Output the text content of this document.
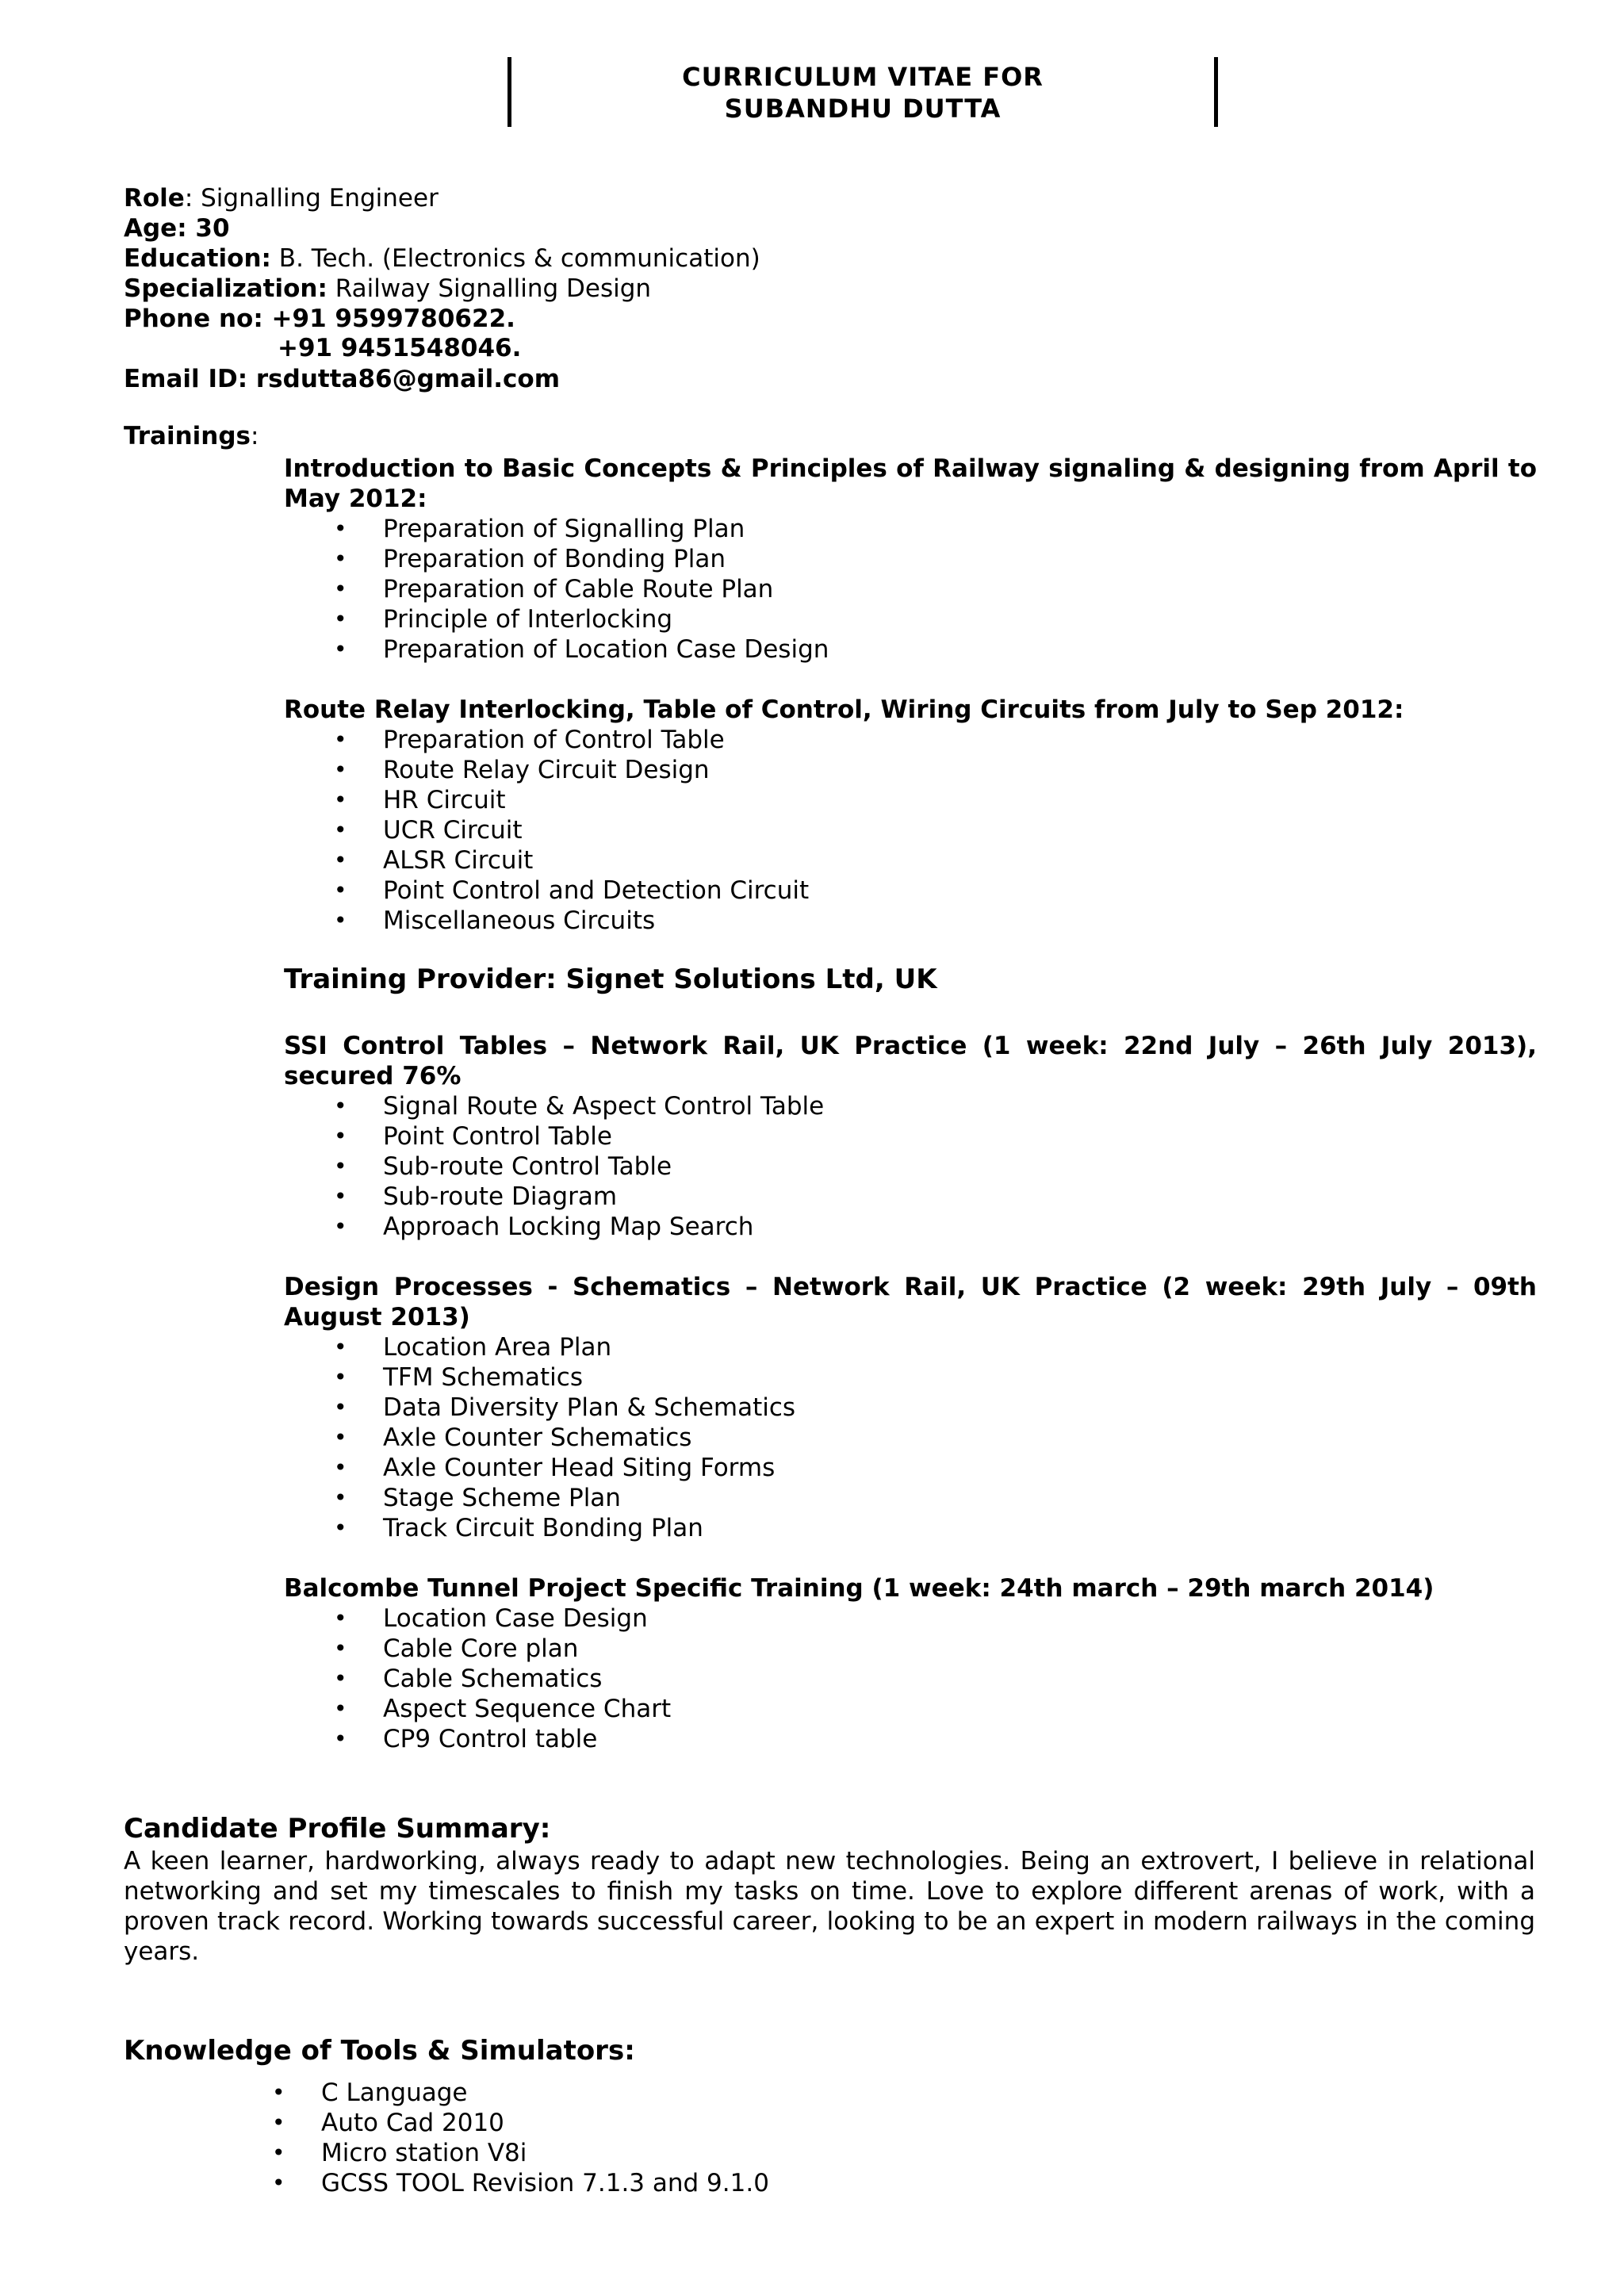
CURRICULUM VITAE FOR
SUBANDHU DUTTA
Role: Signalling Engineer
Age: 30
Education: B. Tech. (Electronics & communication)
Specialization: Railway Signalling Design
Phone no: +91 9599780622.
+91 9451548046.
Email ID: rsdutta86@gmail.com
Trainings:
Introduction to Basic Concepts & Principles of Railway signaling & designing from April to May 2012:
• Preparation of Signalling Plan
• Preparation of Bonding Plan
• Preparation of Cable Route Plan
• Principle of Interlocking
• Preparation of Location Case Design
Route Relay Interlocking, Table of Control, Wiring Circuits from July to Sep 2012:
• Preparation of Control Table
• Route Relay Circuit Design
• HR Circuit
• UCR Circuit
• ALSR Circuit
• Point Control and Detection Circuit
• Miscellaneous Circuits
Training Provider: Signet Solutions Ltd, UK
SSI Control Tables – Network Rail, UK Practice (1 week: 22nd July – 26th July 2013), secured 76%
• Signal Route & Aspect Control Table
• Point Control Table
• Sub-route Control Table
• Sub-route Diagram
• Approach Locking Map Search
Design Processes - Schematics – Network Rail, UK Practice (2 week: 29th July – 09th August 2013)
• Location Area Plan
• TFM Schematics
• Data Diversity Plan & Schematics
• Axle Counter Schematics
• Axle Counter Head Siting Forms
• Stage Scheme Plan
• Track Circuit Bonding Plan
Balcombe Tunnel Project Specific Training (1 week: 24th march – 29th march 2014)
• Location Case Design
• Cable Core plan
• Cable Schematics
• Aspect Sequence Chart
• CP9 Control table
Candidate Profile Summary:
A keen learner, hardworking, always ready to adapt new technologies. Being an extrovert, I believe in relational networking and set my timescales to finish my tasks on time. Love to explore different arenas of work, with a proven track record. Working towards successful career, looking to be an expert in modern railways in the coming years.
Knowledge of Tools & Simulators:
• C Language
• Auto Cad 2010
• Micro station V8i
• GCSS TOOL Revision 7.1.3 and 9.1.0
